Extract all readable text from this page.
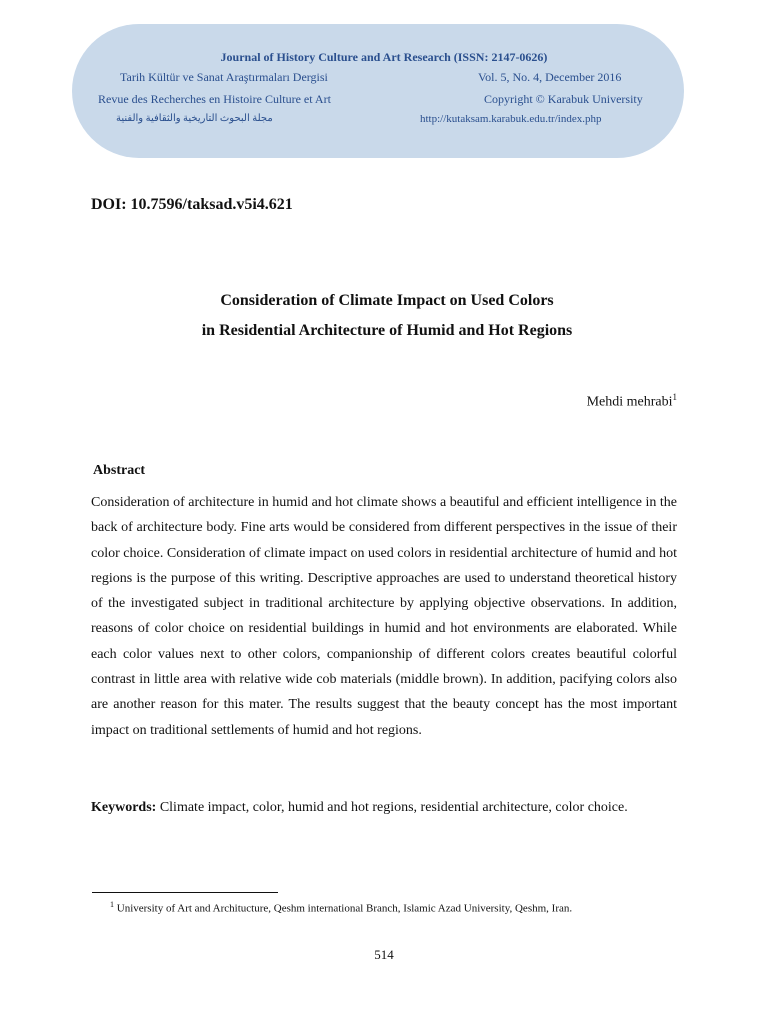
Journal of History Culture and Art Research (ISSN: 2147-0626)
Tarih Kültür ve Sanat Araştırmaları Dergisi	Vol. 5, No. 4, December 2016
Revue des Recherches en Histoire Culture et Art	Copyright © Karabuk University
مجلة البحوث التاريخية والثقافية والفنية	http://kutaksam.karabuk.edu.tr/index.php
DOI: 10.7596/taksad.v5i4.621
Consideration of Climate Impact on Used Colors
in Residential Architecture of Humid and Hot Regions
Mehdi mehrabi$^1$
Abstract
Consideration of architecture in humid and hot climate shows a beautiful and efficient intelligence in the back of architecture body. Fine arts would be considered from different perspectives in the issue of their color choice. Consideration of climate impact on used colors in residential architecture of humid and hot regions is the purpose of this writing. Descriptive approaches are used to understand theoretical history of the investigated subject in traditional architecture by applying objective observations. In addition, reasons of color choice on residential buildings in humid and hot environments are elaborated. While each color values next to other colors, companionship of different colors creates beautiful colorful contrast in little area with relative wide cob materials (middle brown). In addition, pacifying colors also are another reason for this mater. The results suggest that the beauty concept has the most important impact on traditional settlements of humid and hot regions.
Keywords: Climate impact, color, humid and hot regions, residential architecture, color choice.
$^1$ University of Art and Architucture, Qeshm international Branch, Islamic Azad University, Qeshm, Iran.
514
